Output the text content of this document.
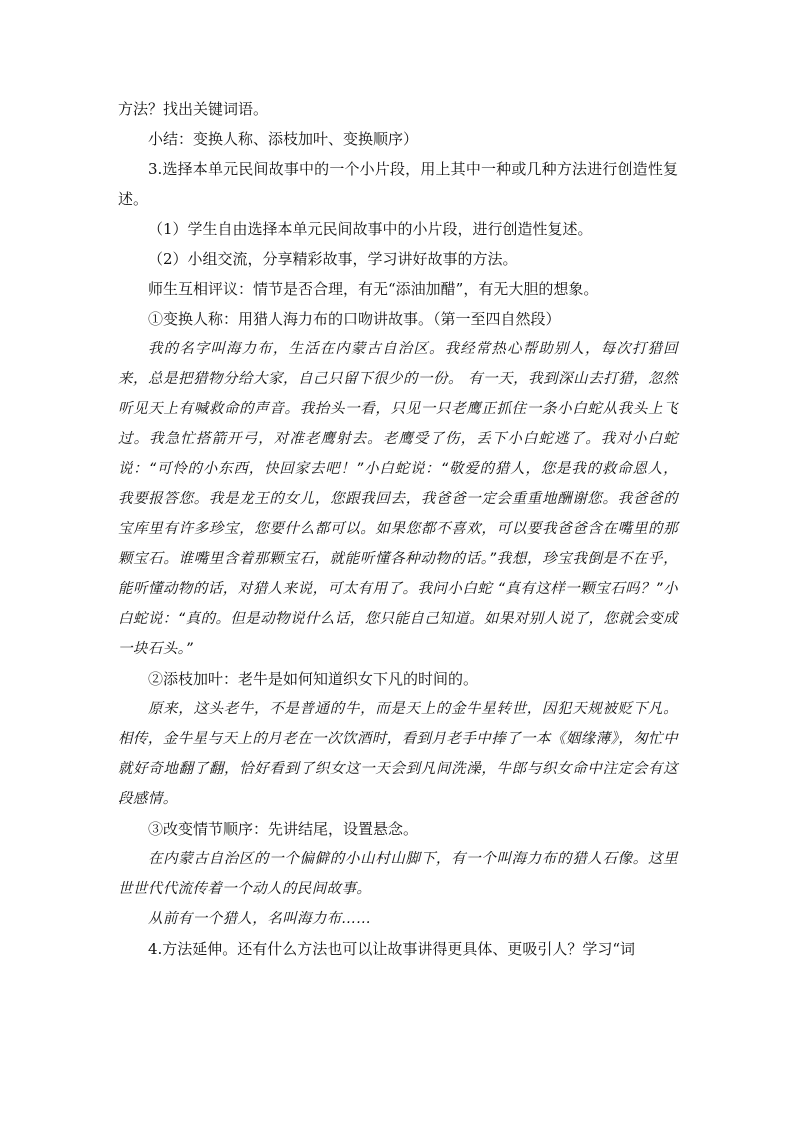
方法？找出关键词语。

小结：变换人称、添枝加叶、变换顺序）

3.选择本单元民间故事中的一个小片段，用上其中一种或几种方法进行创造性复述。

（1）学生自由选择本单元民间故事中的小片段，进行创造性复述。

（2）小组交流，分享精彩故事，学习讲好故事的方法。

师生互相评议：情节是否合理，有无“添油加醋”，有无大胆的想象。

①变换人称：用猎人海力布的口吻讲故事。（第一至四自然段）

我的名字叫海力布，生活在内蒙古自治区。我经常热心帮助别人，每次打猎回来，总是把猎物分给大家，自己只留下很少的一份。 有一天，我到深山去打猎，忽然听见天上有喊救命的声音。我抬头一看，只见一只老鹰正抓住一条小白蛇从我头上飞过。我急忙搭箭开弓，对准老鹰射去。老鹰受了伤，丢下小白蛇逃了。我对小白蛇说：“可怜的小东西，快回家去吧！”小白蛇说：“敬爱的猎人，您是我的救命恩人，我要报答您。我是龙王的女儿，您跟我回去，我爸爸一定会重重地酬谢您。我爸爸的宝库里有许多珍宝，您要什么都可以。如果您都不喜欢，可以要我爸爸含在嘴里的那颗宝石。谁嘴里含着那颗宝石，就能听懂各种动物的话。”我想，珍宝我倒是不在乎，能听懂动物的话，对猎人来说，可太有用了。我问小白蛇 “真有这样一颗宝石吗？”小白蛇说：“真的。但是动物说什么话，您只能自己知道。如果对别人说了，您就会变成一块石头。”

②添枝加叶：老牛是如何知道织女下凡的时间的。

原来，这头老牛，不是普通的牛，而是天上的金牛星转世，因犯天规被贬下凡。相传，金牛星与天上的月老在一次饮酒时，看到月老手中捧了一本《姻缘薄》，匆忙中就好奇地翻了翻，恰好看到了织女这一天会到凡间洗澡，牛郎与织女命中注定会有这段感情。

③改变情节顺序：先讲结尾，设置悬念。

在内蒙古自治区的一个偏僻的小山村山脚下，有一个叫海力布的猎人石像。这里世世代代流传着一个动人的民间故事。

从前有一个猎人，名叫海力布……

4.方法延伸。还有什么方法也可以让故事讲得更具体、更吸引人？学习“词
